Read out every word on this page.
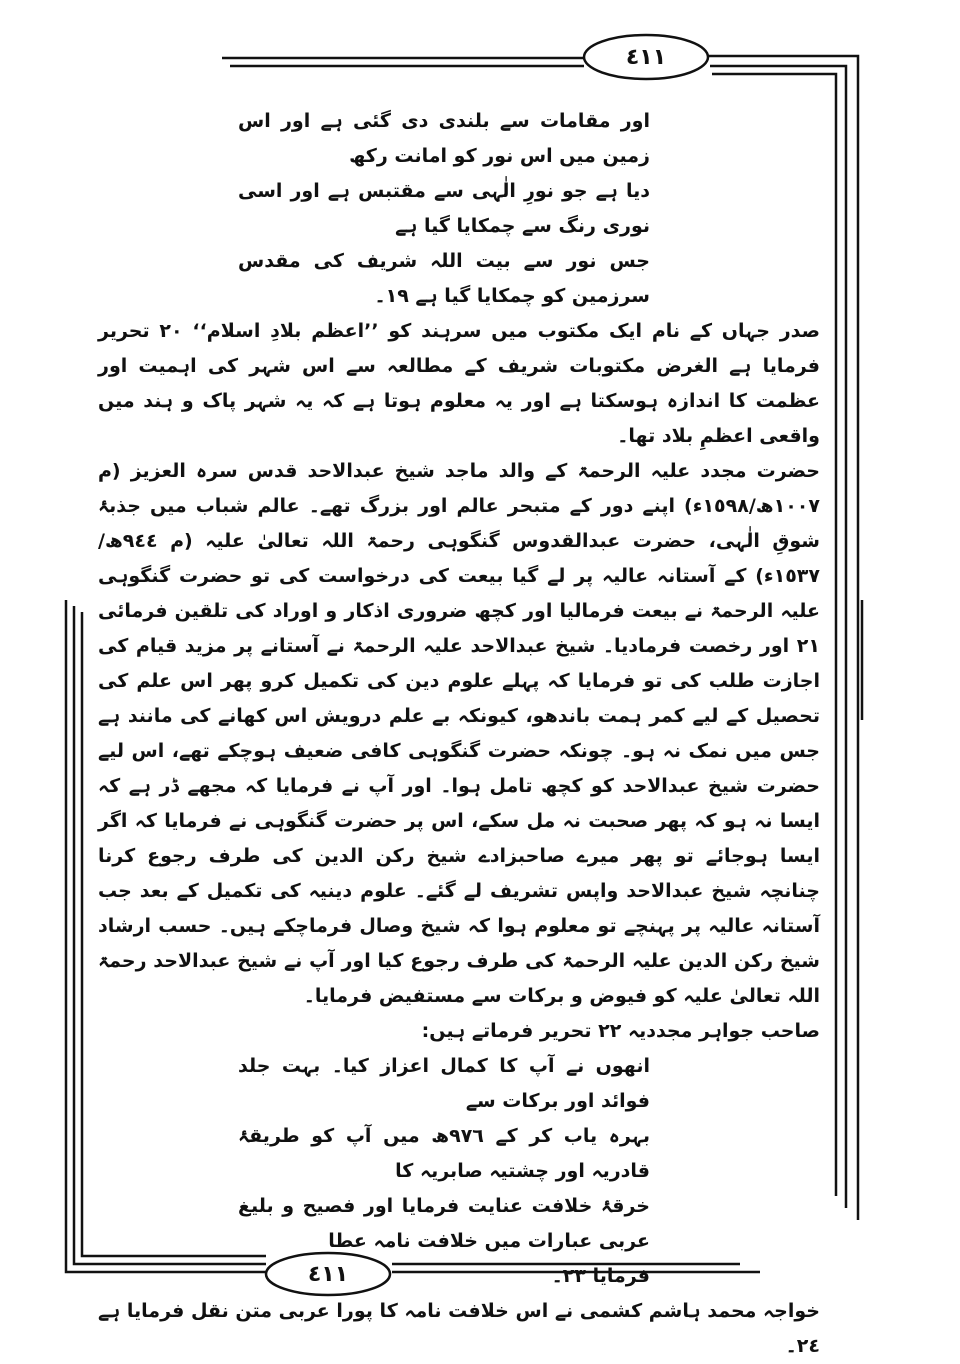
٤١١
٤١١

اور مقامات سے بلندی دی گئی ہے اور اس زمین میں اس نور کو امانت رکھ
دیا ہے جو نورِ الٰہی سے مقتبس ہے اور اسی نوری رنگ سے چمکایا گیا ہے
جس نور سے بیت اللہ شریف کی مقدس سرزمین کو چمکایا گیا ہے ١٩۔

صدر جہاں کے نام ایک مکتوب میں سرہند کو ’’اعظم بلادِ اسلام‘‘ ٢٠ تحریر فرمایا ہے الغرض مکتوبات شریف کے مطالعہ سے اس شہر کی اہمیت اور عظمت کا اندازہ ہوسکتا ہے اور یہ معلوم ہوتا ہے کہ یہ شہر پاک و ہند میں واقعی اعظمِ بلاد تھا۔

حضرت مجدد علیہ الرحمۃ کے والد ماجد شیخ عبدالاحد قدس سرہ العزیز (م ١٠٠٧ھ/١٥٩٨ء) اپنے دور کے متبحر عالم اور بزرگ تھے۔ عالم شباب میں جذبۂ شوقِ الٰہی، حضرت عبدالقدوس گنگوہی رحمۃ اللہ تعالیٰ علیہ (م ٩٤٤ھ/١٥٣٧ء) کے آستانہ عالیہ پر لے گیا بیعت کی درخواست کی تو حضرت گنگوہی علیہ الرحمۃ نے بیعت فرمالیا اور کچھ ضروری اذکار و اوراد کی تلقین فرمائی ٢١ اور رخصت فرمادیا۔ شیخ عبدالاحد علیہ الرحمۃ نے آستانے پر مزید قیام کی اجازت طلب کی تو فرمایا کہ پہلے علوم دین کی تکمیل کرو پھر اس علم کی تحصیل کے لیے کمر ہمت باندھو، کیونکہ بے علم درویش اس کھانے کی مانند ہے جس میں نمک نہ ہو۔ چونکہ حضرت گنگوہی کافی ضعیف ہوچکے تھے، اس لیے حضرت شیخ عبدالاحد کو کچھ تامل ہوا۔ اور آپ نے فرمایا کہ مجھے ڈر ہے کہ ایسا نہ ہو کہ پھر صحبت نہ مل سکے، اس پر حضرت گنگوہی نے فرمایا کہ اگر ایسا ہوجائے تو پھر میرے صاحبزادے شیخ رکن الدین کی طرف رجوع کرنا چنانچہ شیخ عبدالاحد واپس تشریف لے گئے۔ علوم دینیہ کی تکمیل کے بعد جب آستانہ عالیہ پر پہنچے تو معلوم ہوا کہ شیخ وصال فرماچکے ہیں۔ حسب ارشاد شیخ رکن الدین علیہ الرحمۃ کی طرف رجوع کیا اور آپ نے شیخ عبدالاحد رحمۃ اللہ تعالیٰ علیہ کو فیوض و برکات سے مستفیض فرمایا۔

صاحب جواہر مجددیہ ٢٢ تحریر فرماتے ہیں:

انھوں نے آپ کا کمال اعزاز کیا۔ بہت جلد فوائد اور برکات سے
بہرہ یاب کر کے ٩٧٦ھ میں آپ کو طریقۂ قادریہ اور چشتیہ صابریہ کا
خرقۂ خلافت عنایت فرمایا اور فصیح و بلیغ عربی عبارات میں خلافت نامہ عطا
فرمایا ٢٣۔

خواجہ محمد ہاشم کشمی نے اس خلافت نامہ کا پورا عربی متن نقل فرمایا ہے ٢٤۔
